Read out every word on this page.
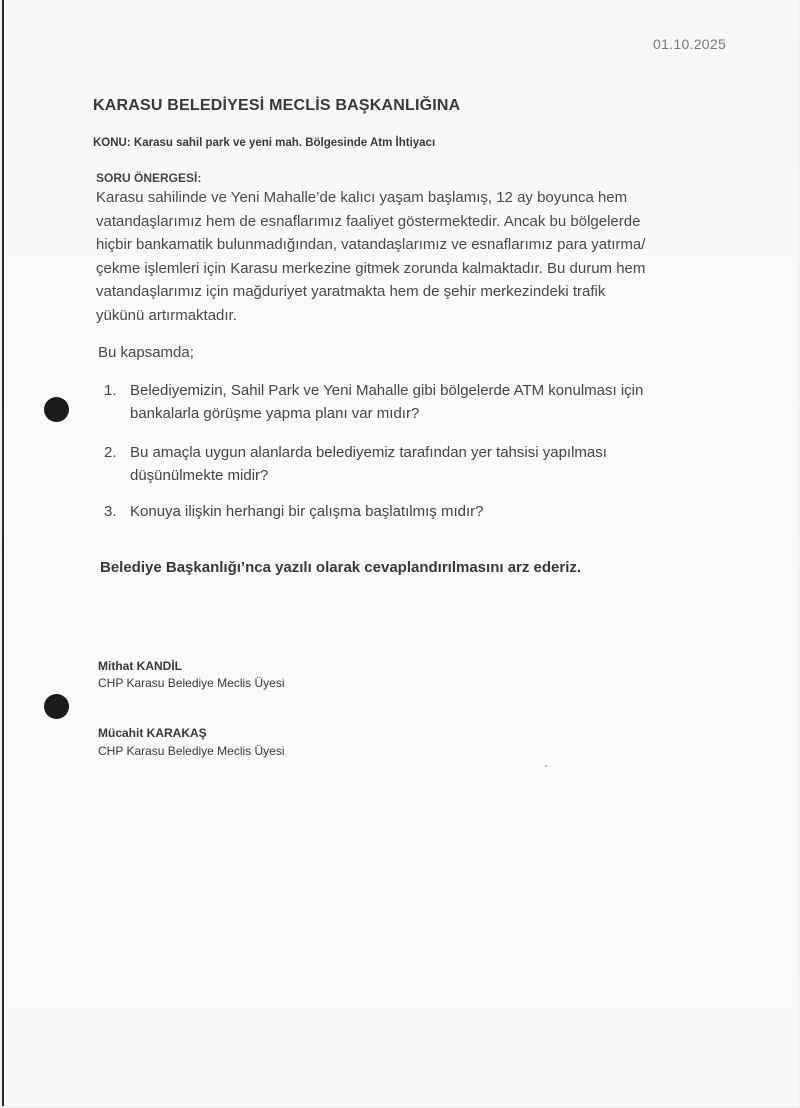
01.10.2025
KARASU BELEDİYESİ MECLİS BAŞKANLIĞINA
KONU: Karasu sahil park ve yeni mah. Bölgesinde Atm İhtiyacı
SORU ÖNERGESİ:
Karasu sahilinde ve Yeni Mahalle’de kalıcı yaşam başlamış, 12 ay boyunca hem
vatandaşlarımız hem de esnaflarımız faaliyet göstermektedir. Ancak bu bölgelerde
hiçbir bankamatik bulunmadığından, vatandaşlarımız ve esnaflarımız para yatırma/
çekme işlemleri için Karasu merkezine gitmek zorunda kalmaktadır. Bu durum hem
vatandaşlarımız için mağduriyet yaratmakta hem de şehir merkezindeki trafik
yükünü artırmaktadır.
Bu kapsamda;
1. Belediyemizin, Sahil Park ve Yeni Mahalle gibi bölgelerde ATM konulması için
bankalarla görüşme yapma planı var mıdır?
2. Bu amaçla uygun alanlarda belediyemiz tarafından yer tahsisi yapılması
düşünülmekte midir?
3. Konuya ilişkin herhangi bir çalışma başlatılmış mıdır?
Belediye Başkanlığı’nca yazılı olarak cevaplandırılmasını arz ederiz.
Mithat KANDİL
CHP Karasu Belediye Meclis Üyesi
Mücahit KARAKAŞ
CHP Karasu Belediye Meclis Üyesi
